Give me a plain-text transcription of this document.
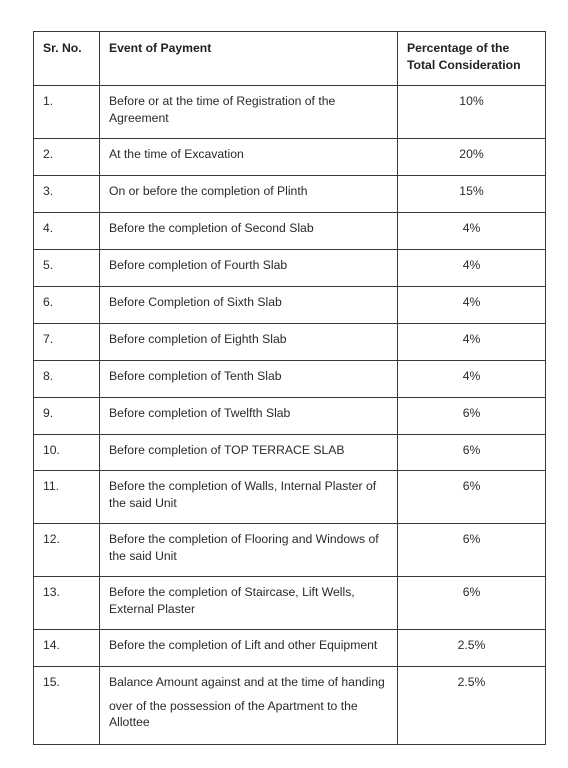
Sr. No.	Event of Payment	Percentage of the
Total Consideration
1.	Before or at the time of Registration of the Agreement	10%
2.	At the time of Excavation	20%
3.	On or before the completion of Plinth	15%
4.	Before the completion of Second Slab	4%
5.	Before completion of Fourth Slab	4%
6.	Before Completion of Sixth Slab	4%
7.	Before completion of Eighth Slab	4%
8.	Before completion of Tenth Slab	4%
9.	Before completion of Twelfth Slab	6%
10.	Before completion of TOP TERRACE SLAB	6%
11.	Before the completion of Walls, Internal Plaster of the said Unit	6%
12.	Before the completion of Flooring and Windows of the said Unit	6%
13.	Before the completion of Staircase, Lift Wells, External Plaster	6%
14.	Before the completion of Lift and other Equipment	2.5%
15.	Balance Amount against and at the time of handing
over of the possession of the Apartment to the Allottee	2.5%
